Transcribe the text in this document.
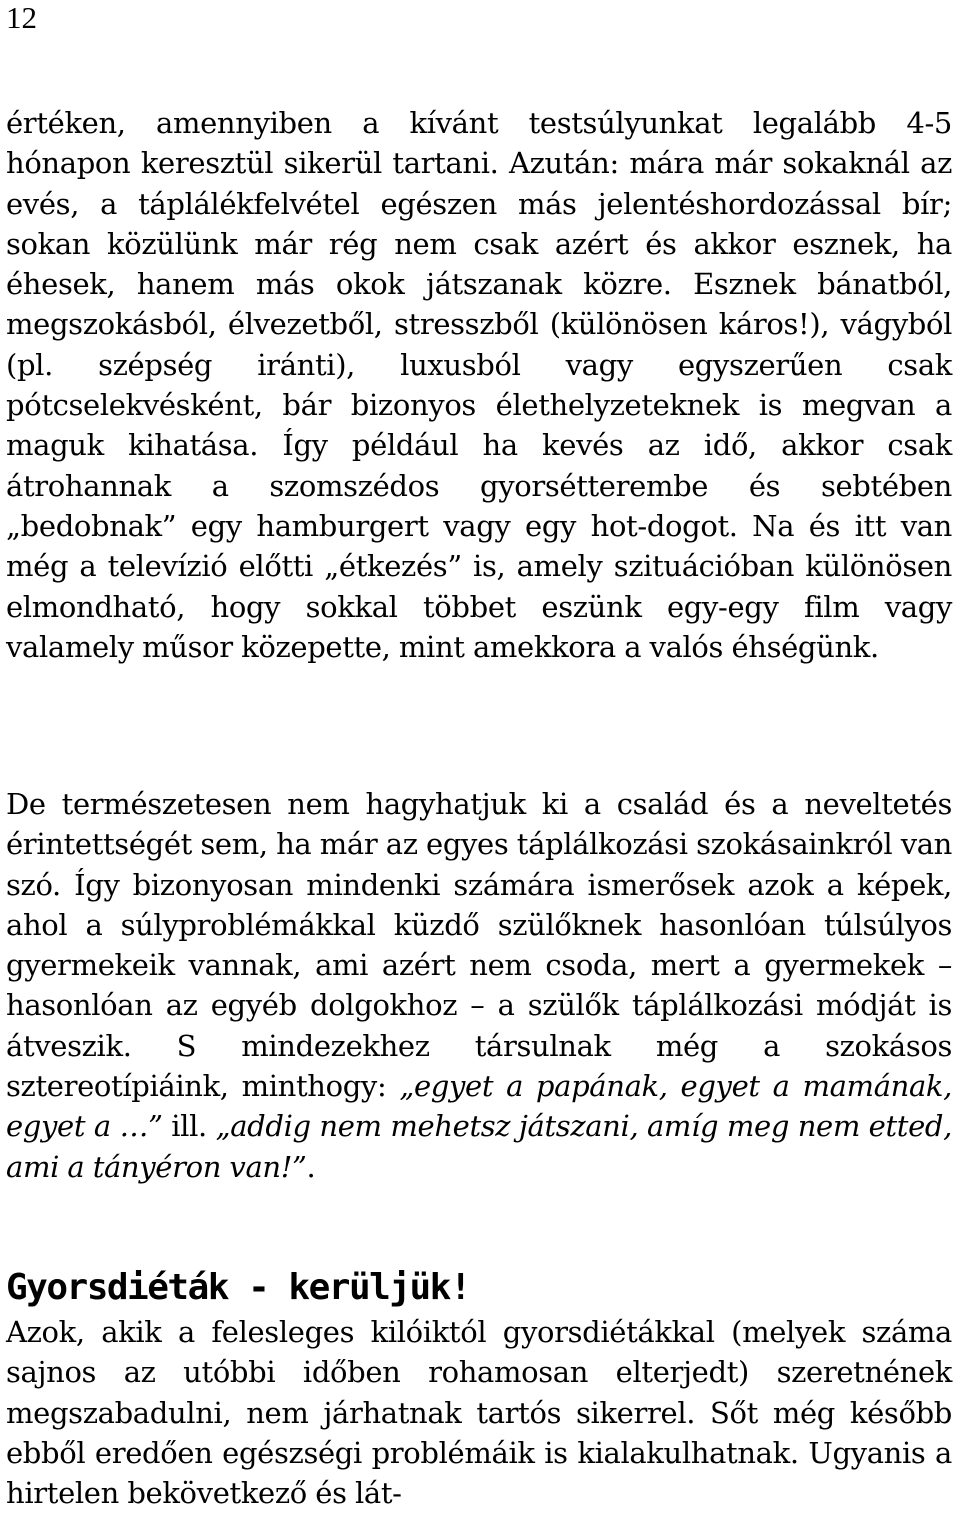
12

értéken, amennyiben a kívánt testsúlyunkat legalább 4-5 hónapon keresztül sikerül tartani. Azután: mára már sokaknál az evés, a táplálékfelvétel egészen más jelentéshordozással bír; sokan közülünk már rég nem csak azért és akkor esznek, ha éhesek, hanem más okok játszanak közre. Esznek bánatból, megszokásból, élvezetből, stresszből (különösen káros!), vágyból (pl. szépség iránti), luxusból vagy egyszerűen csak pótcselekvésként, bár bizonyos élethelyzeteknek is megvan a maguk kihatása. Így például ha kevés az idő, akkor csak átrohannak a szomszédos gyorsétterembe és sebtében „bedobnak” egy hamburgert vagy egy hot-dogot. Na és itt van még a televízió előtti „étkezés” is, amely szituációban különösen elmondható, hogy sokkal többet eszünk egy-egy film vagy valamely műsor közepette, mint amekkora a valós éhségünk.

De természetesen nem hagyhatjuk ki a család és a neveltetés érintettségét sem, ha már az egyes táplálkozási szokásainkról van szó. Így bizonyosan mindenki számára ismerősek azok a képek, ahol a súlyproblémákkal küzdő szülőknek hasonlóan túlsúlyos gyermekeik vannak, ami azért nem csoda, mert a gyermekek – hasonlóan az egyéb dolgokhoz – a szülők táplálkozási módját is átveszik. S mindezekhez társulnak még a szokásos sztereotípiáink, minthogy: „egyet a papának, egyet a mamának, egyet a …” ill. „addig nem mehetsz játszani, amíg meg nem etted, ami a tányéron van!”.

Gyorsdiéták - kerüljük!

Azok, akik a felesleges kilóiktól gyorsdiétákkal (melyek száma sajnos az utóbbi időben rohamosan elterjedt) szeretnének megszabadulni, nem járhatnak tartós sikerrel. Sőt még később ebből eredően egészségi problémáik is kialakulhatnak. Ugyanis a hirtelen bekövetkező és lát-
